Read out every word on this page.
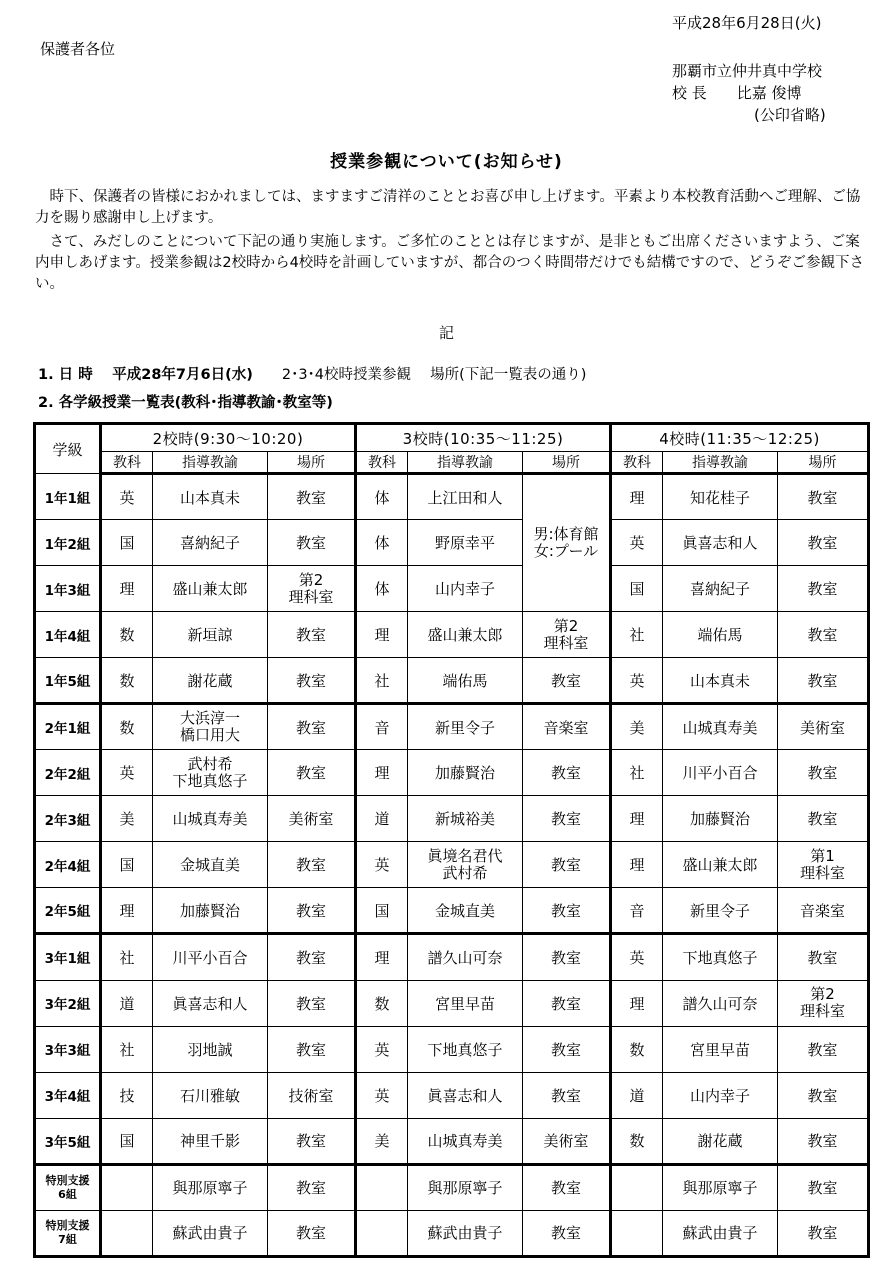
平成28年6月28日(火)
保護者各位
那覇市立仲井真中学校
校 長　　比嘉 俊博
(公印省略)
授業参観について(お知らせ)

　時下、保護者の皆様におかれましては、ますますご清祥のこととお喜び申し上げます。平素より本校教育活動へご理解、ご協力を賜り感謝申し上げます。

　さて、みだしのことについて下記の通り実施します。ご多忙のこととは存じますが、是非ともご出席くださいますよう、ご案内申しあげます。授業参観は2校時から4校時を計画していますが、都合のつく時間帯だけでも結構ですので、どうぞご参観下さい。

記
1. 日 時　 平成28年7月6日(水)　　2･3･4校時授業参観　 場所(下記一覧表の通り)
2. 各学級授業一覧表(教科･指導教諭･教室等)
学級	2校時(9:30～10:20)			3校時(10:35～11:25)			4校時(11:35～12:25)		
	教科	指導教諭	場所	教科	指導教諭	場所	教科	指導教諭	場所
1年1組	英	山本真未	教室	体	上江田和人	男:体育館
女:プール	理	知花桂子	教室
1年2組	国	喜納紀子	教室	体	野原幸平		英	眞喜志和人	教室
1年3組	理	盛山兼太郎	第2
理科室	体	山内幸子		国	喜納紀子	教室
1年4組	数	新垣諒	教室	理	盛山兼太郎	第2
理科室	社	端佑馬	教室
1年5組	数	謝花蔵	教室	社	端佑馬	教室	英	山本真未	教室
2年1組	数	大浜淳一
橋口用大	教室	音	新里令子	音楽室	美	山城真寿美	美術室
2年2組	英	武村希
下地真悠子	教室	理	加藤賢治	教室	社	川平小百合	教室
2年3組	美	山城真寿美	美術室	道	新城裕美	教室	理	加藤賢治	教室
2年4組	国	金城直美	教室	英	眞境名君代
武村希	教室	理	盛山兼太郎	第1
理科室

2年5組	理	加藤賢治	教室	国	金城直美	教室	音	新里令子	音楽室
3年1組	社	川平小百合	教室	理	譜久山可奈	教室	英	下地真悠子	教室
3年2組	道	眞喜志和人	教室	数	宮里早苗	教室	理	譜久山可奈	第2
理科室

3年3組	社	羽地誠	教室	英	下地真悠子	教室	数	宮里早苗	教室
3年4組	技	石川雅敏	技術室	英	眞喜志和人	教室	道	山内幸子	教室
3年5組	国	神里千影	教室	美	山城真寿美	美術室	数	謝花蔵	教室

特別支援
6組		與那原寧子	教室		與那原寧子	教室		與那原寧子	教室

特別支援
7組		蘇武由貴子	教室		蘇武由貴子	教室		蘇武由貴子	教室
